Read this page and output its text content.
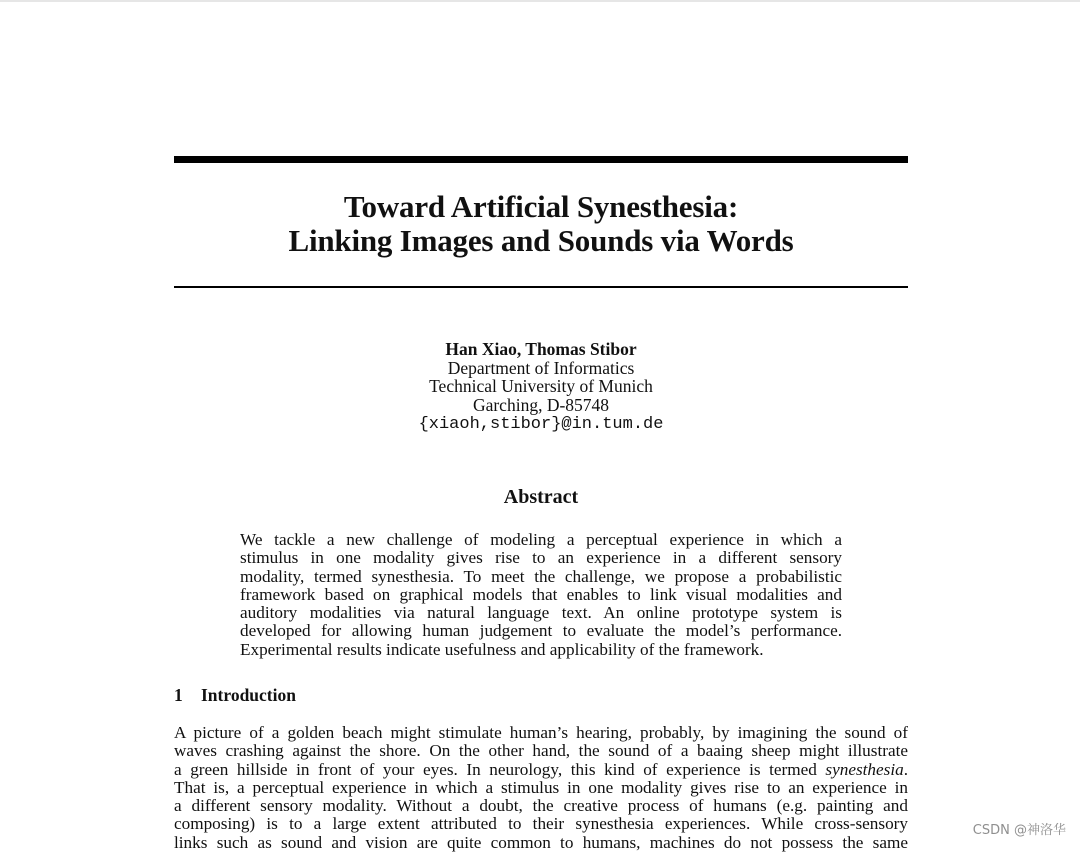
Toward Artificial Synesthesia:
Linking Images and Sounds via Words
Han Xiao, Thomas Stibor
Department of Informatics
Technical University of Munich
Garching, D-85748
{xiaoh,stibor}@in.tum.de
Abstract
We tackle a new challenge of modeling a perceptual experience in which a
stimulus in one modality gives rise to an experience in a different sensory
modality, termed synesthesia. To meet the challenge, we propose a probabilistic
framework based on graphical models that enables to link visual modalities and
auditory modalities via natural language text. An online prototype system is
developed for allowing human judgement to evaluate the model’s performance.
Experimental results indicate usefulness and applicability of the framework.
1 Introduction
A picture of a golden beach might stimulate human’s hearing, probably, by imagining the sound of
waves crashing against the shore. On the other hand, the sound of a baaing sheep might illustrate
a green hillside in front of your eyes. In neurology, this kind of experience is termed synesthesia.
That is, a perceptual experience in which a stimulus in one modality gives rise to an experience in
a different sensory modality. Without a doubt, the creative process of humans (e.g. painting and
composing) is to a large extent attributed to their synesthesia experiences. While cross-sensory
links such as sound and vision are quite common to humans, machines do not possess the same
CSDN @神洛华
